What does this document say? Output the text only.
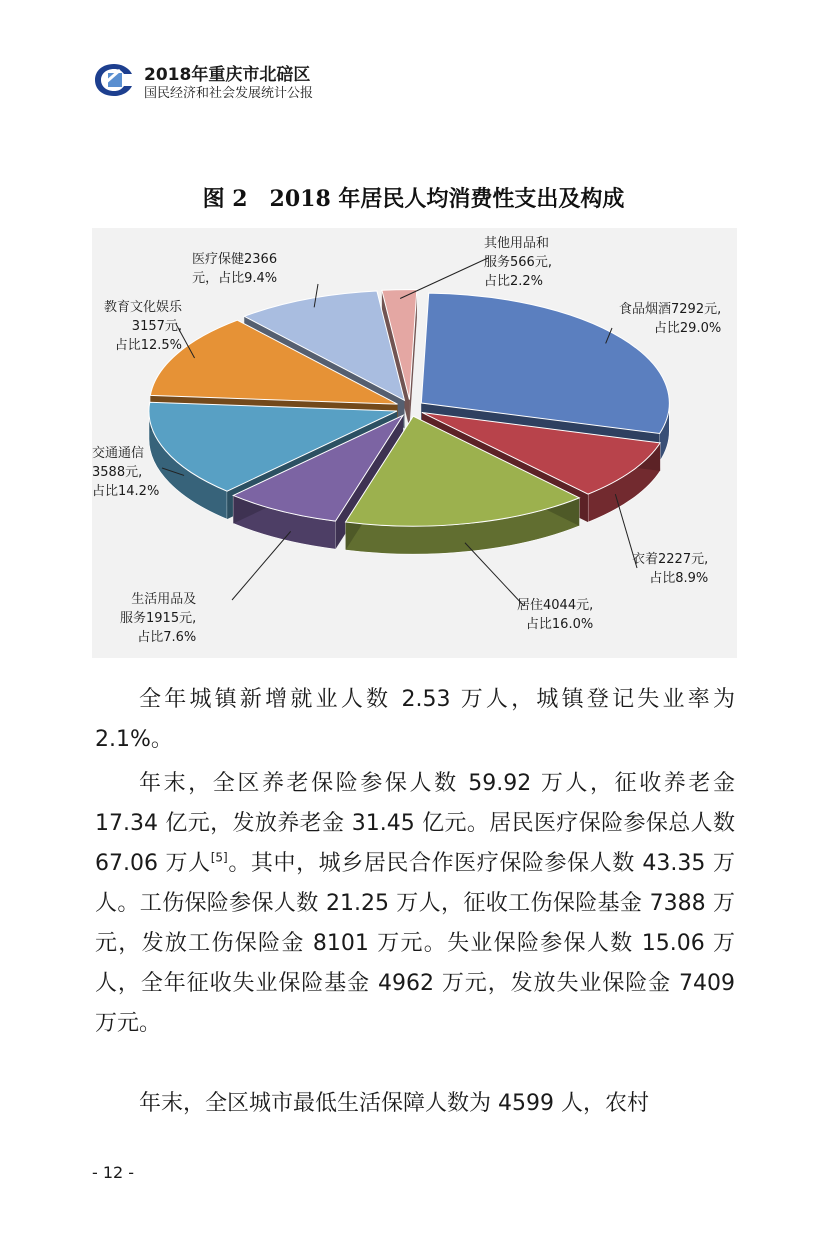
2018年重庆市北碚区
国民经济和社会发展统计公报
图 2　2018 年居民人均消费性支出及构成
食品烟酒7292元,
占比29.0%
衣着2227元,
占比8.9%
居住4044元,
占比16.0%
生活用品及
服务1915元,
占比7.6%
交通通信
3588元,
占比14.2%
教育文化娱乐
3157元,
占比12.5%
医疗保健2366
元，占比9.4%
其他用品和
服务566元,
占比2.2%
全年城镇新增就业人数 2.53 万人，城镇登记失业率为 2.1%。
年末，全区养老保险参保人数 59.92 万人，征收养老金 17.34 亿元，发放养老金 31.45 亿元。居民医疗保险参保总人数 67.06 万人[5]。其中，城乡居民合作医疗保险参保人数 43.35 万人。工伤保险参保人数 21.25 万人，征收工伤保险基金 7388 万元，发放工伤保险金 8101 万元。失业保险参保人数 15.06 万人，全年征收失业保险基金 4962 万元，发放失业保险金 7409 万元。
年末，全区城市最低生活保障人数为 4599 人，农村
- 12 -
